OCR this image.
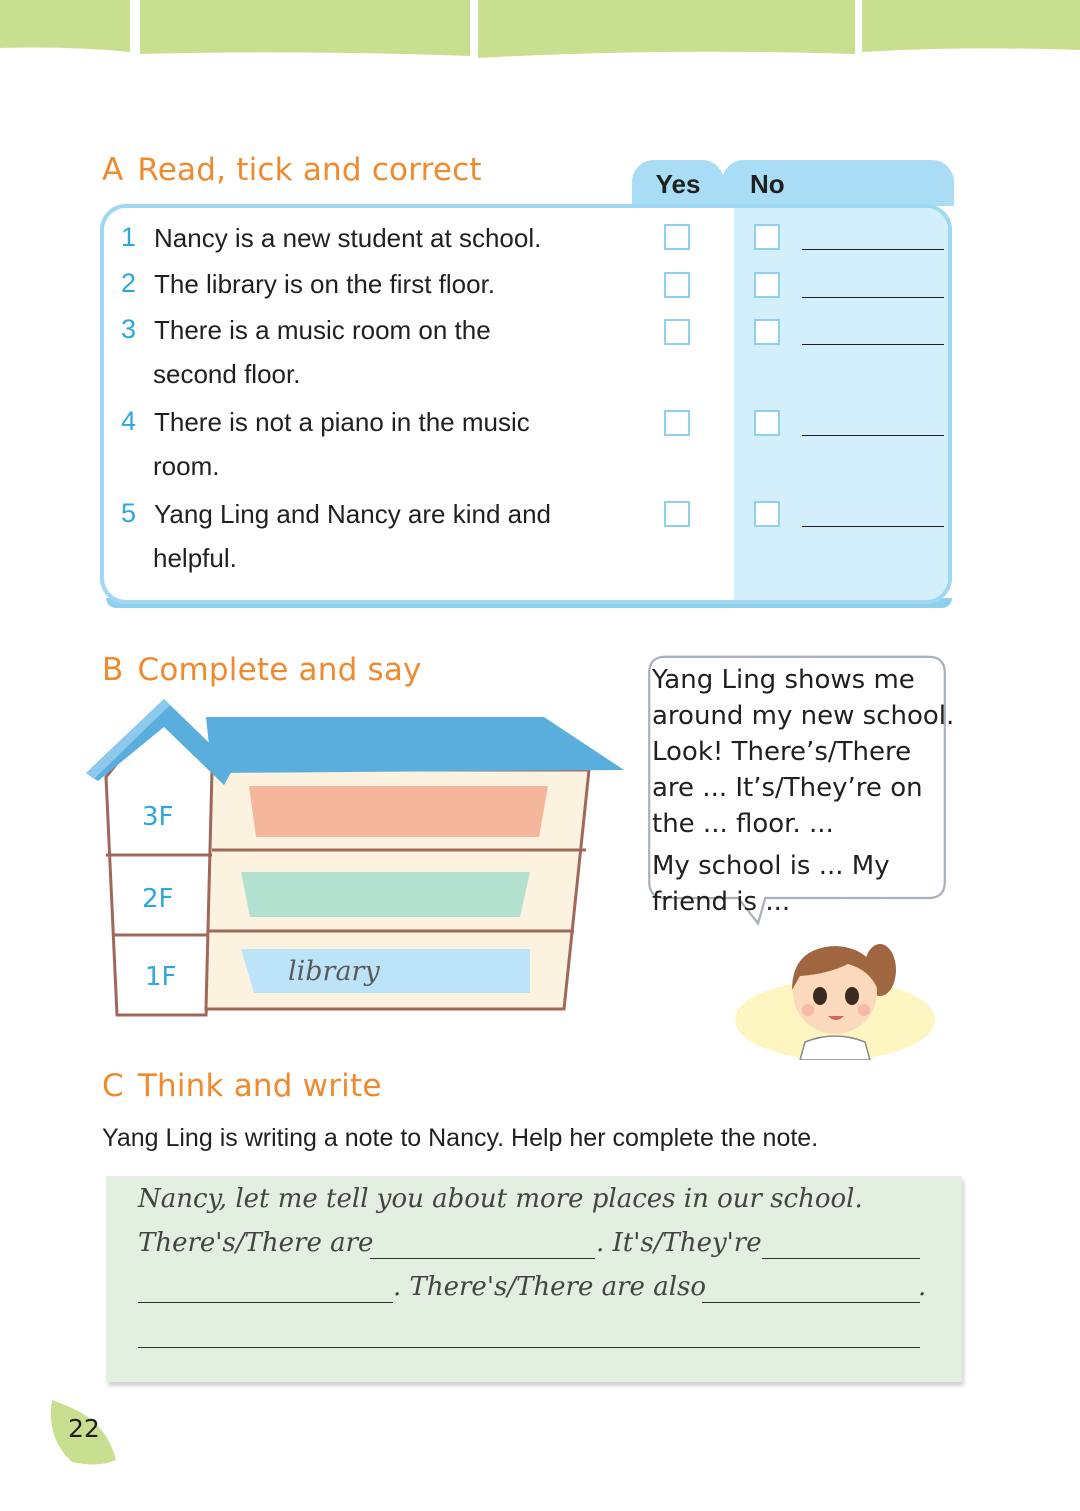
A Read, tick and correct	Yes	No
1 Nancy is a new student at school.
2 The library is on the first floor.
3 There is a music room on the
second floor.
4 There is not a piano in the music
room.
5 Yang Ling and Nancy are kind and
helpful.
B Complete and say
3F
2F
1F	library
Yang Ling shows me
around my new school.
Look! There’s/There
are ... It’s/They’re on
the ... floor. ...
My school is ... My
friend is ...
C Think and write
Yang Ling is writing a note to Nancy. Help her complete the note.
Nancy, let me tell you about more places in our school.
There's/There are	. It's/They're
. There's/There are also	.
22
